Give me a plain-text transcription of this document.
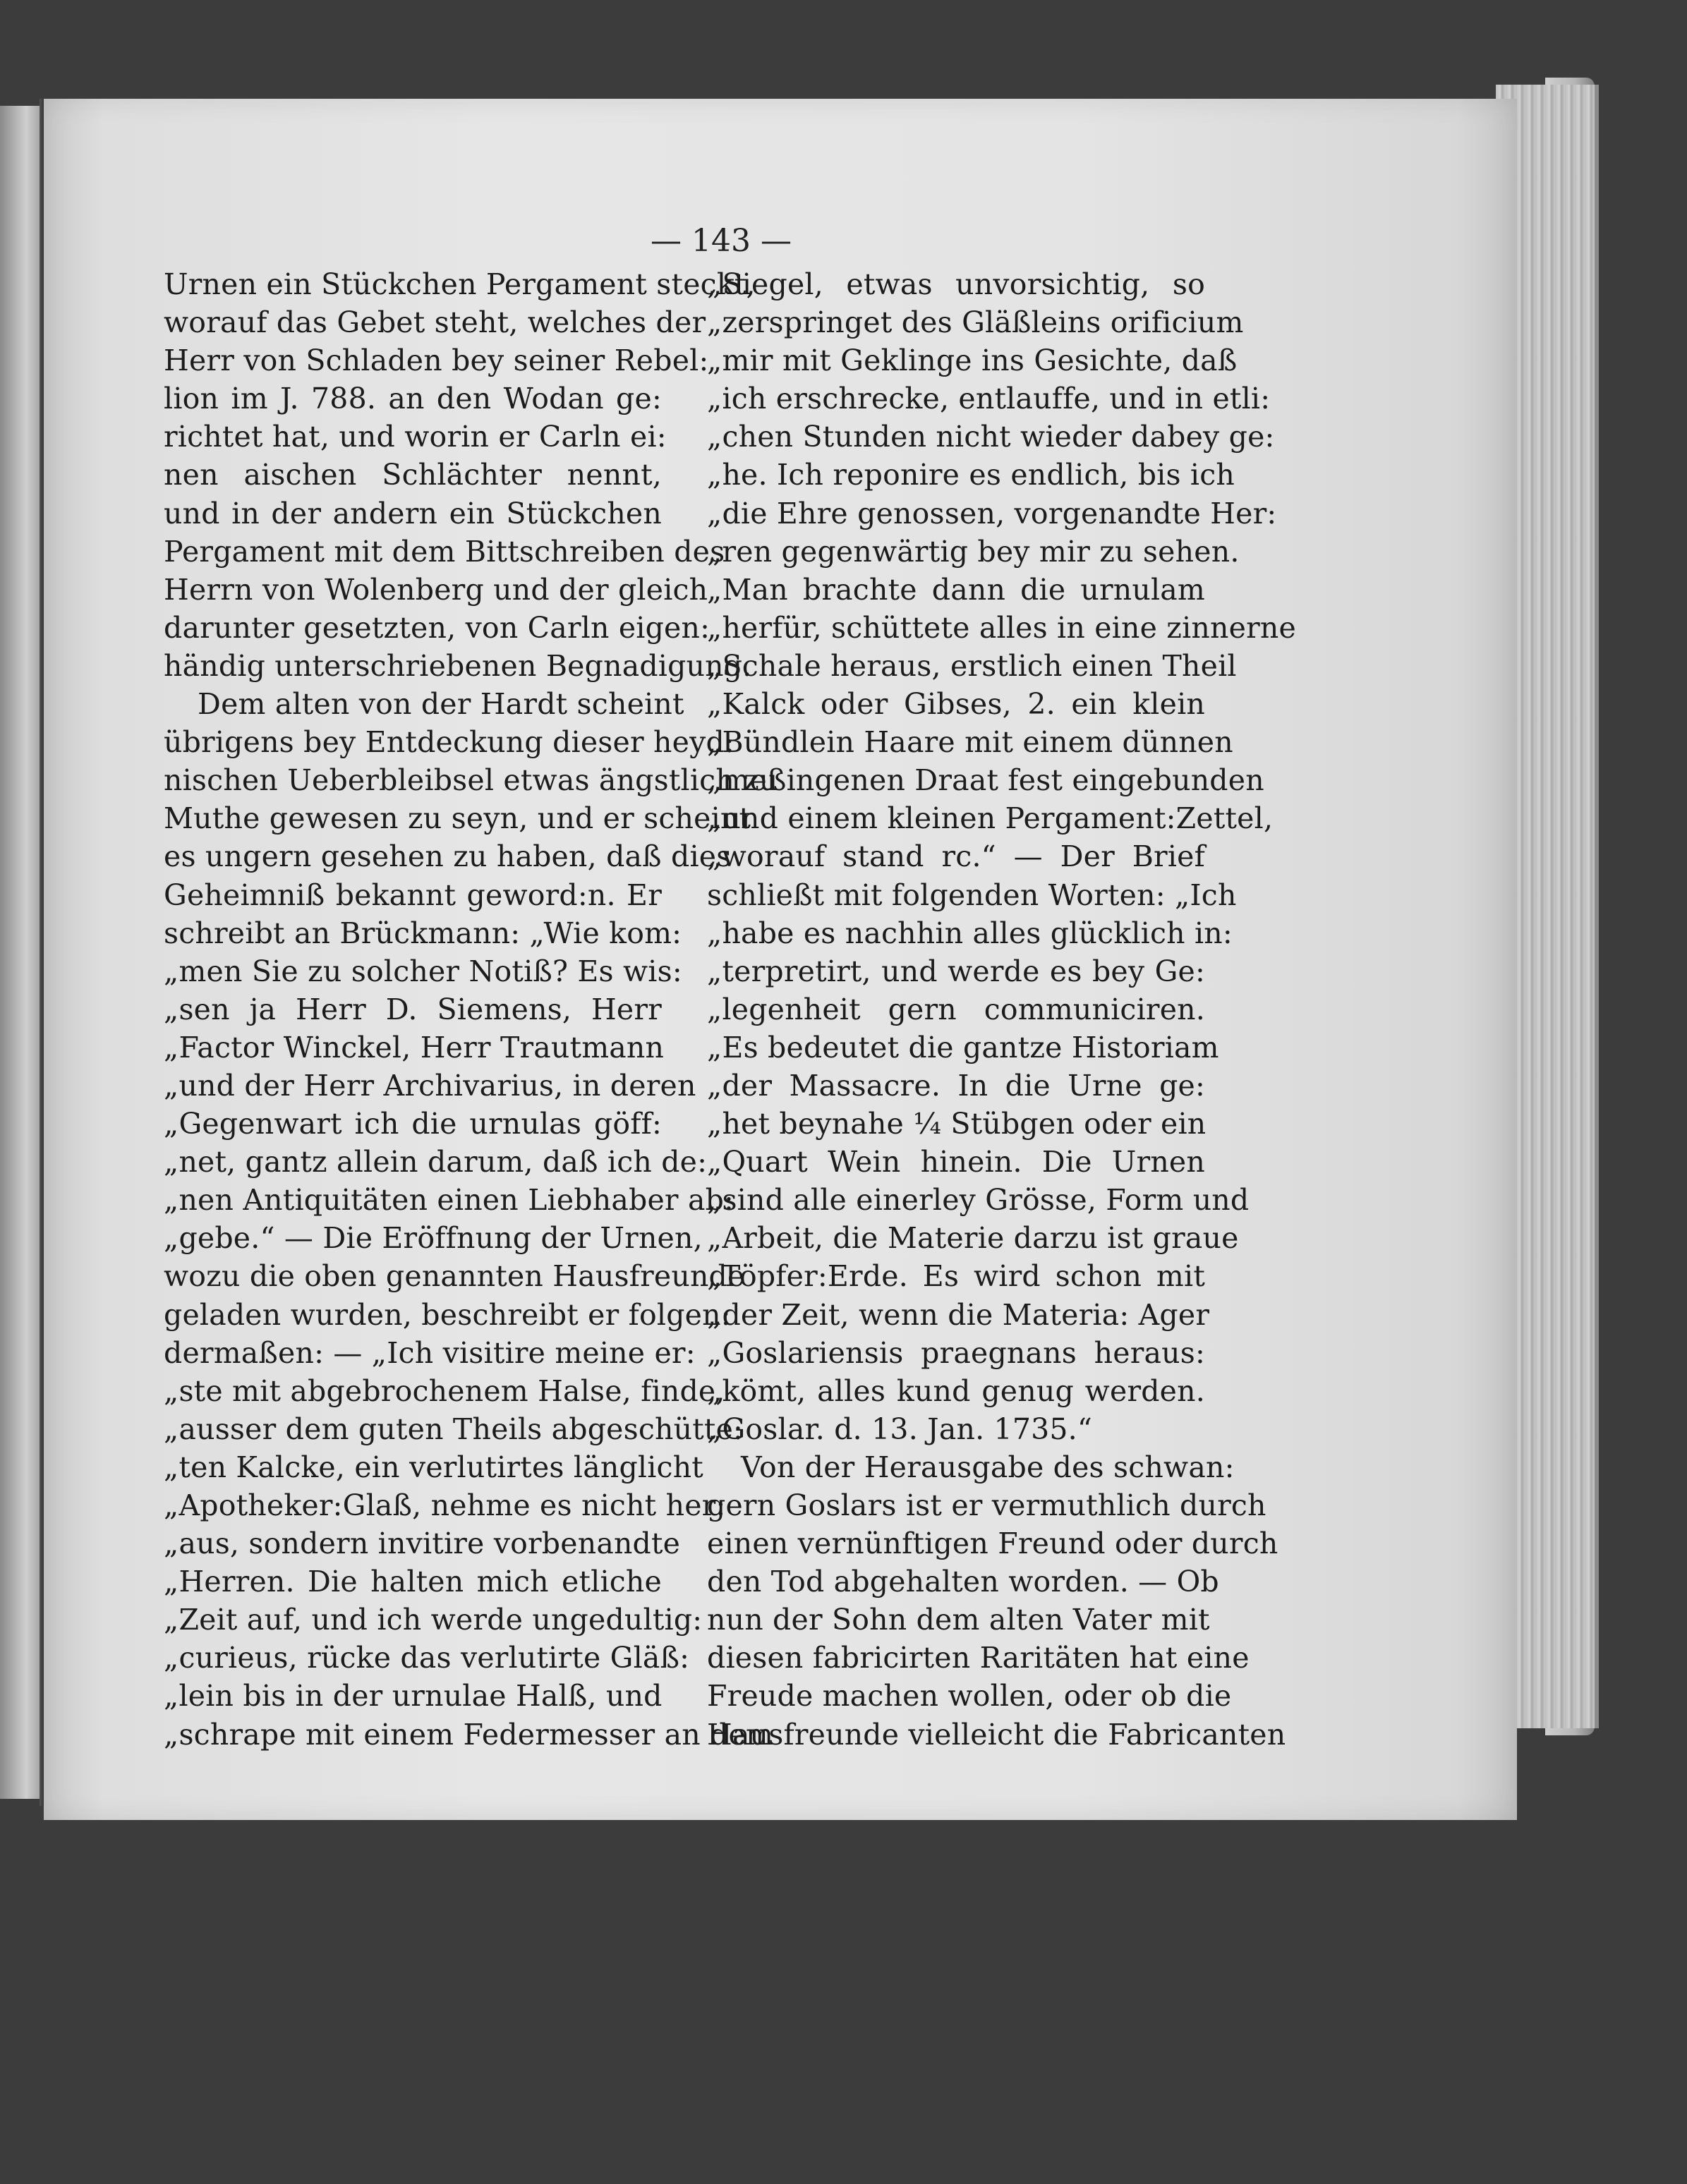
— 143 —
Urnen ein Stückchen Pergament steckt,
worauf das Gebet steht, welches der
Herr von Schladen bey seiner Rebel:
lion im J. 788. an den Wodan ge:
richtet hat, und worin er Carln ei:
nen aischen Schlächter nennt,
und in der andern ein Stückchen
Pergament mit dem Bittschreiben des
Herrn von Wolenberg und der gleich
darunter gesetzten, von Carln eigen:
händig unterschriebenen Begnadigung.
Dem alten von der Hardt scheint
übrigens bey Entdeckung dieser heyd:
nischen Ueberbleibsel etwas ängstlich zu
Muthe gewesen zu seyn, und er scheint
es ungern gesehen zu haben, daß dies
Geheimniß bekannt geword:n. Er
schreibt an Brückmann: „Wie kom:
„men Sie zu solcher Notiß? Es wis:
„sen ja Herr D. Siemens, Herr
„Factor Winckel, Herr Trautmann
„und der Herr Archivarius, in deren
„Gegenwart ich die urnulas göff:
„net, gantz allein darum, daß ich de:
„nen Antiquitäten einen Liebhaber ab:
„gebe.“ — Die Eröffnung der Urnen,
wozu die oben genannten Hausfreunde
geladen wurden, beschreibt er folgen:
dermaßen: — „Ich visitire meine er:
„ste mit abgebrochenem Halse, finde,
„ausser dem guten Theils abgeschütte:
„ten Kalcke, ein verlutirtes länglicht
„Apotheker:Glaß, nehme es nicht her:
„aus, sondern invitire vorbenandte
„Herren. Die halten mich etliche
„Zeit auf, und ich werde ungedultig:
„curieus, rücke das verlutirte Gläß:
„lein bis in der urnulae Halß, und
„schrape mit einem Federmesser an dem
„Siegel, etwas unvorsichtig, so
„zerspringet des Gläßleins orificium
„mir mit Geklinge ins Gesichte, daß
„ich erschrecke, entlauffe, und in etli:
„chen Stunden nicht wieder dabey ge:
„he. Ich reponire es endlich, bis ich
„die Ehre genossen, vorgenandte Her:
„ren gegenwärtig bey mir zu sehen.
„Man brachte dann die urnulam
„herfür, schüttete alles in eine zinnerne
„Schale heraus, erstlich einen Theil
„Kalck oder Gibses, 2. ein klein
„Bündlein Haare mit einem dünnen
„meßingenen Draat fest eingebunden
„und einem kleinen Pergament:Zettel,
„worauf stand rc.“ — Der Brief
schließt mit folgenden Worten: „Ich
„habe es nachhin alles glücklich in:
„terpretirt, und werde es bey Ge:
„legenheit gern communiciren.
„Es bedeutet die gantze Historiam
„der Massacre. In die Urne ge:
„het beynahe ¼ Stübgen oder ein
„Quart Wein hinein. Die Urnen
„sind alle einerley Grösse, Form und
„Arbeit, die Materie darzu ist graue
„Töpfer:Erde. Es wird schon mit
„der Zeit, wenn die Materia: Ager
„Goslariensis praegnans heraus:
„kömt, alles kund genug werden.
„Goslar. d. 13. Jan. 1735.“
Von der Herausgabe des schwan:
gern Goslars ist er vermuthlich durch
einen vernünftigen Freund oder durch
den Tod abgehalten worden. — Ob
nun der Sohn dem alten Vater mit
diesen fabricirten Raritäten hat eine
Freude machen wollen, oder ob die
Hausfreunde vielleicht die Fabricanten
